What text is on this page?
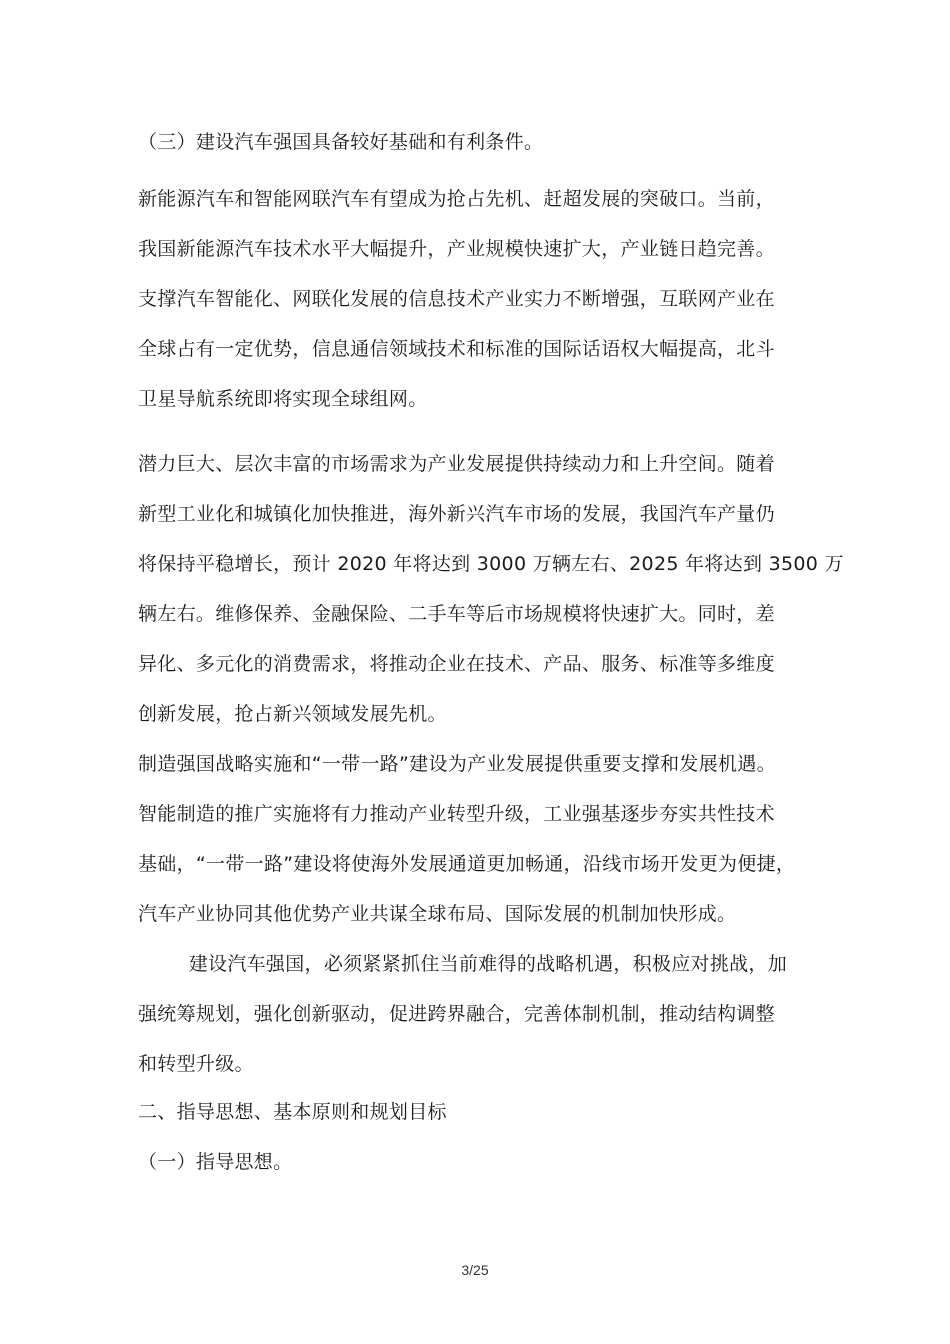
（三）建设汽车强国具备较好基础和有利条件。
新能源汽车和智能网联汽车有望成为抢占先机、赶超发展的突破口。当前，
我国新能源汽车技术水平大幅提升，产业规模快速扩大，产业链日趋完善。
支撑汽车智能化、网联化发展的信息技术产业实力不断增强，互联网产业在
全球占有一定优势，信息通信领域技术和标准的国际话语权大幅提高，北斗
卫星导航系统即将实现全球组网。
潜力巨大、层次丰富的市场需求为产业发展提供持续动力和上升空间。随着
新型工业化和城镇化加快推进，海外新兴汽车市场的发展，我国汽车产量仍
将保持平稳增长，预计 2020 年将达到 3000 万辆左右、2025 年将达到 3500 万
辆左右。维修保养、金融保险、二手车等后市场规模将快速扩大。同时，差
异化、多元化的消费需求，将推动企业在技术、产品、服务、标准等多维度
创新发展，抢占新兴领域发展先机。
制造强国战略实施和“一带一路”建设为产业发展提供重要支撑和发展机遇。
智能制造的推广实施将有力推动产业转型升级，工业强基逐步夯实共性技术
基础，“一带一路”建设将使海外发展通道更加畅通，沿线市场开发更为便捷，
汽车产业协同其他优势产业共谋全球布局、国际发展的机制加快形成。
建设汽车强国，必须紧紧抓住当前难得的战略机遇，积极应对挑战，加
强统筹规划，强化创新驱动，促进跨界融合，完善体制机制，推动结构调整
和转型升级。
二、指导思想、基本原则和规划目标
（一）指导思想。
3/25
